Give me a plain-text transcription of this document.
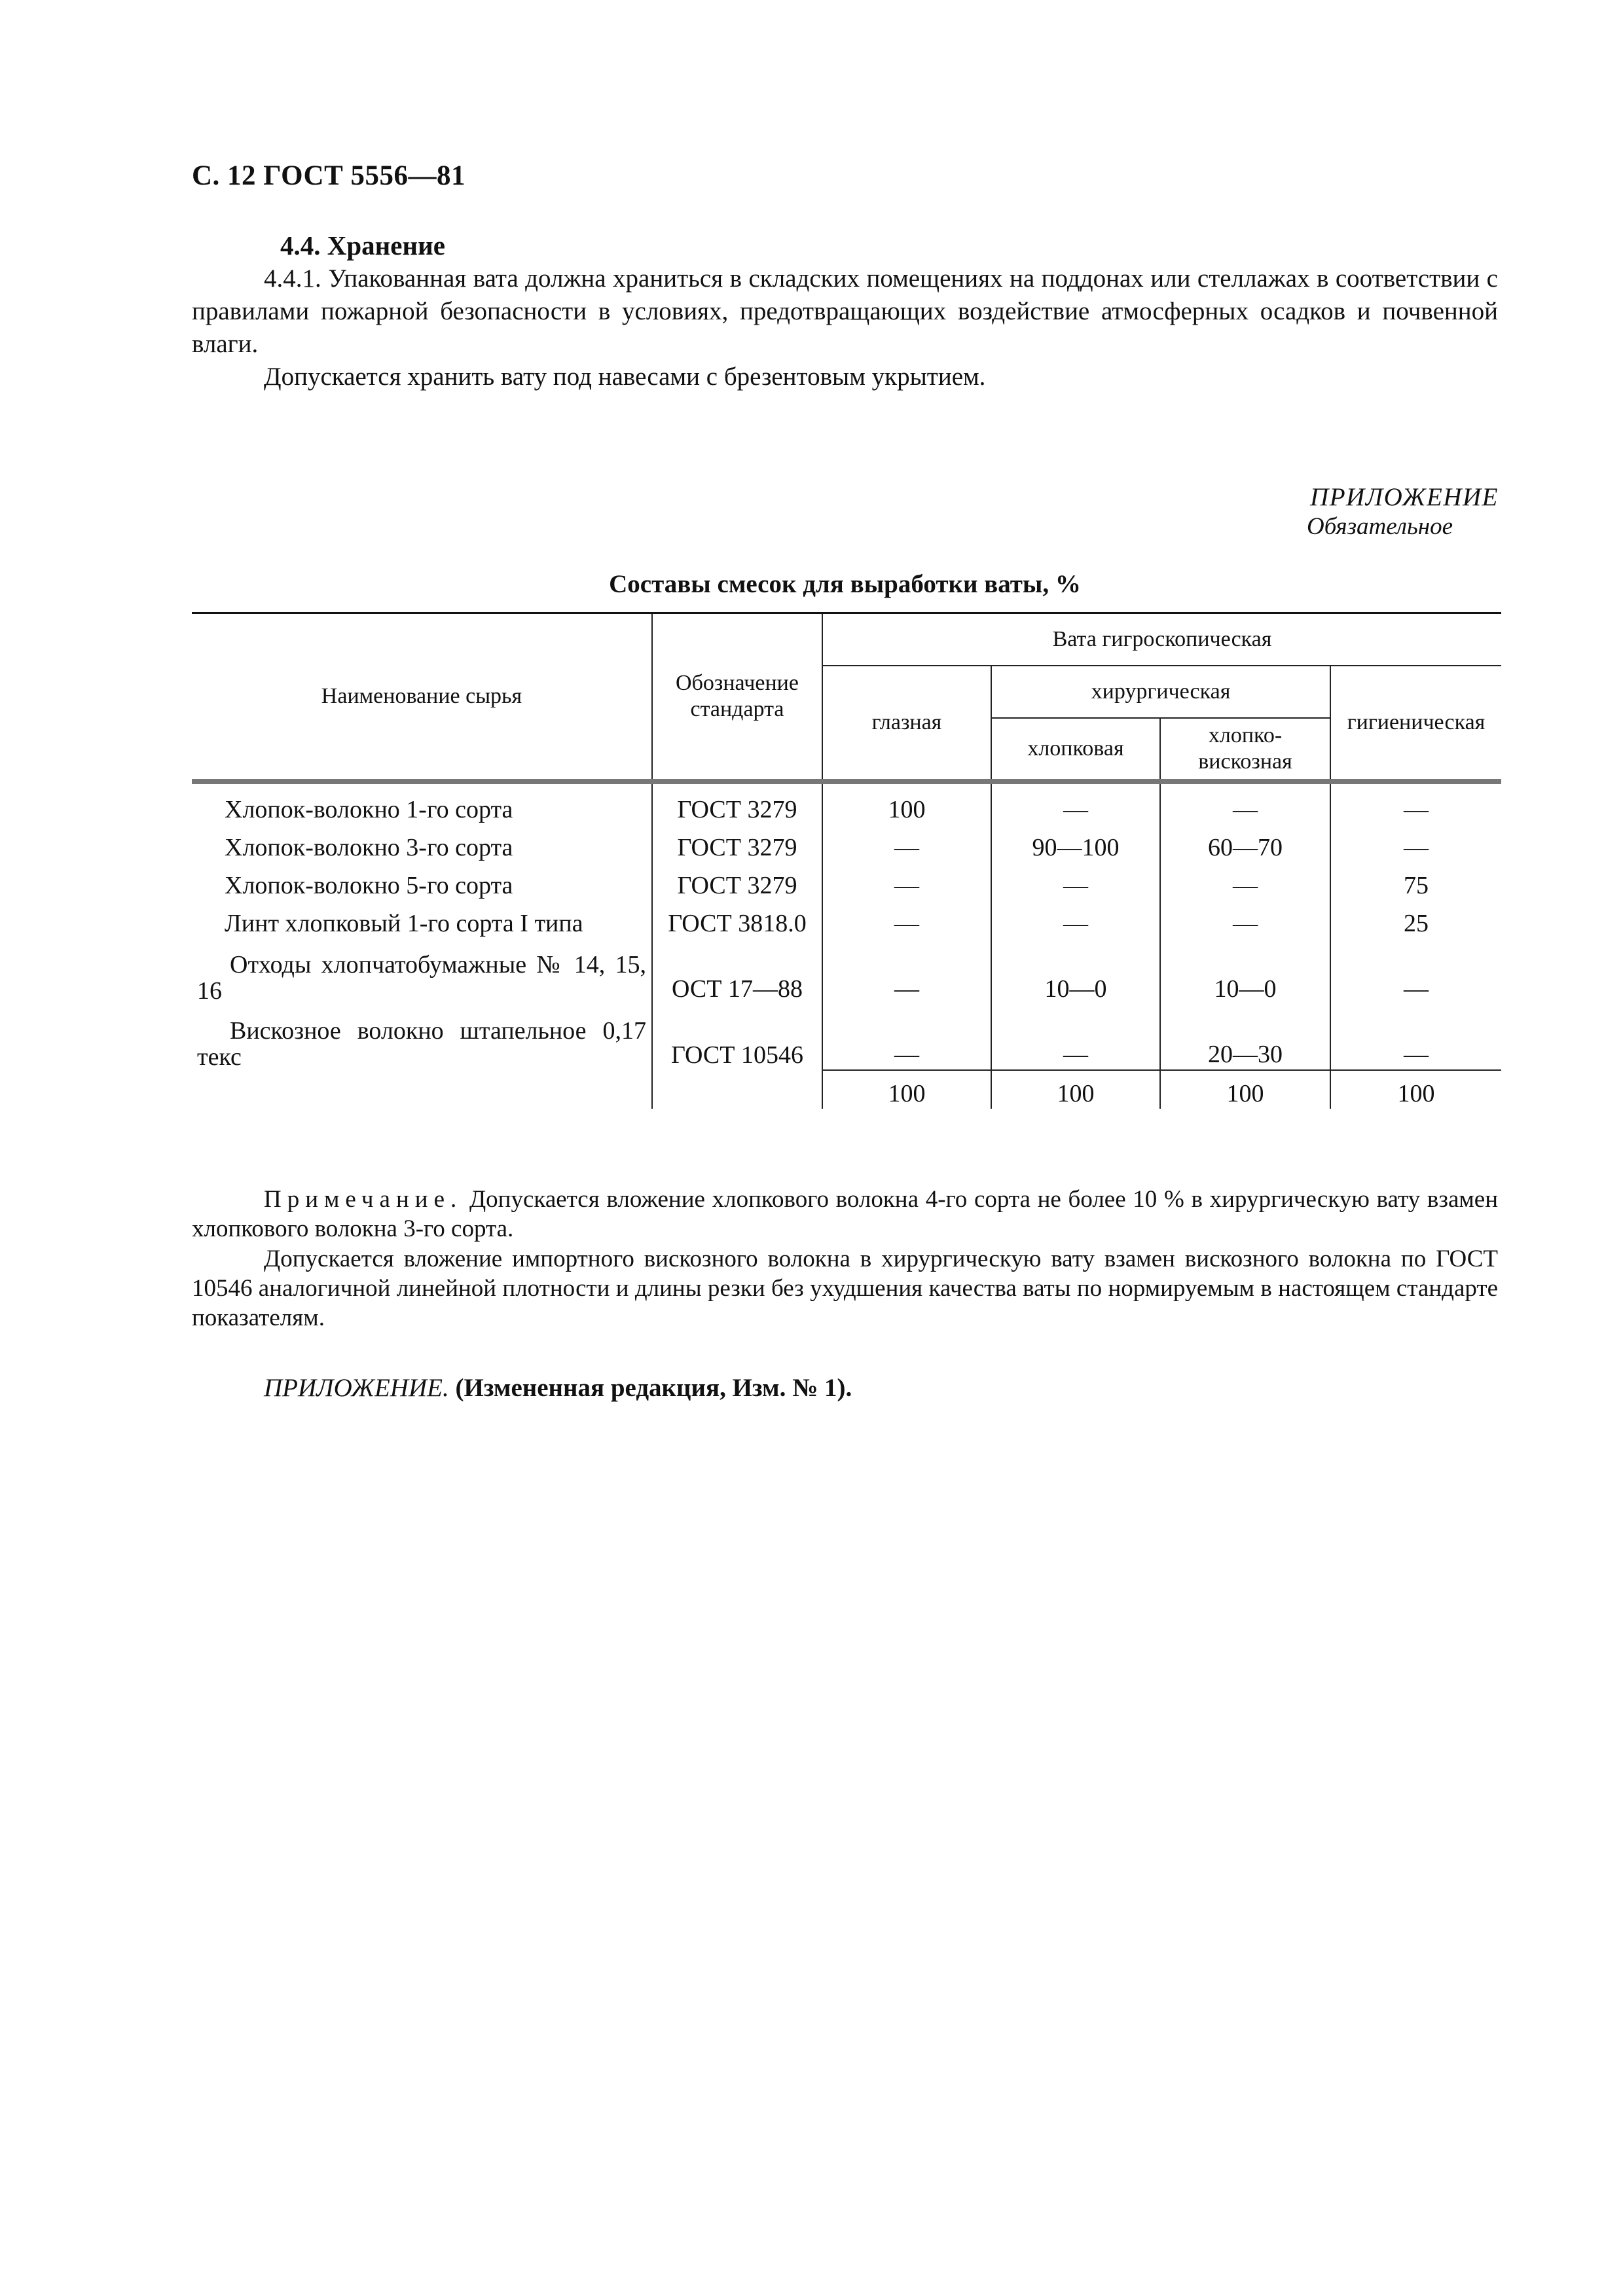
С. 12 ГОСТ 5556—81
4.4. Хранение
4.4.1. Упакованная вата должна храниться в складских помещениях на поддонах или стеллажах в соответствии с правилами пожарной безопасности в условиях, предотвращающих воздействие атмосферных осадков и почвенной влаги.
Допускается хранить вату под навесами с брезентовым укрытием.
ПРИЛОЖЕНИЕ
Обязательное
Составы смесок для выработки ваты, %
Наименование сырья	Обозначение стандарта	Вата гигроскопическая			
		глазная	хирургическая		гигиеническая
			хлопковая	хлопко-вискозная	
Хлопок-волокно 1-го сорта	ГОСТ 3279	100	—	—	—
Хлопок-волокно 3-го сорта	ГОСТ 3279	—	90—100	60—70	—
Хлопок-волокно 5-го сорта	ГОСТ 3279	—	—	—	75
Линт хлопковый 1-го сорта I типа	ГОСТ 3818.0	—	—	—	25
Отходы хлопчатобумажные № 14, 15, 16	ОСТ 17—88	—	10—0	10—0	—
Вискозное волокно штапельное 0,17 текс	ГОСТ 10546	—	—	20—30	—
		100	100	100	100
Примечание. Допускается вложение хлопкового волокна 4-го сорта не более 10 % в хирургическую вату взамен хлопкового волокна 3-го сорта.
Допускается вложение импортного вискозного волокна в хирургическую вату взамен вискозного волокна по ГОСТ 10546 аналогичной линейной плотности и длины резки без ухудшения качества ваты по нормируемым в настоящем стандарте показателям.
ПРИЛОЖЕНИЕ. (Измененная редакция, Изм. № 1).
